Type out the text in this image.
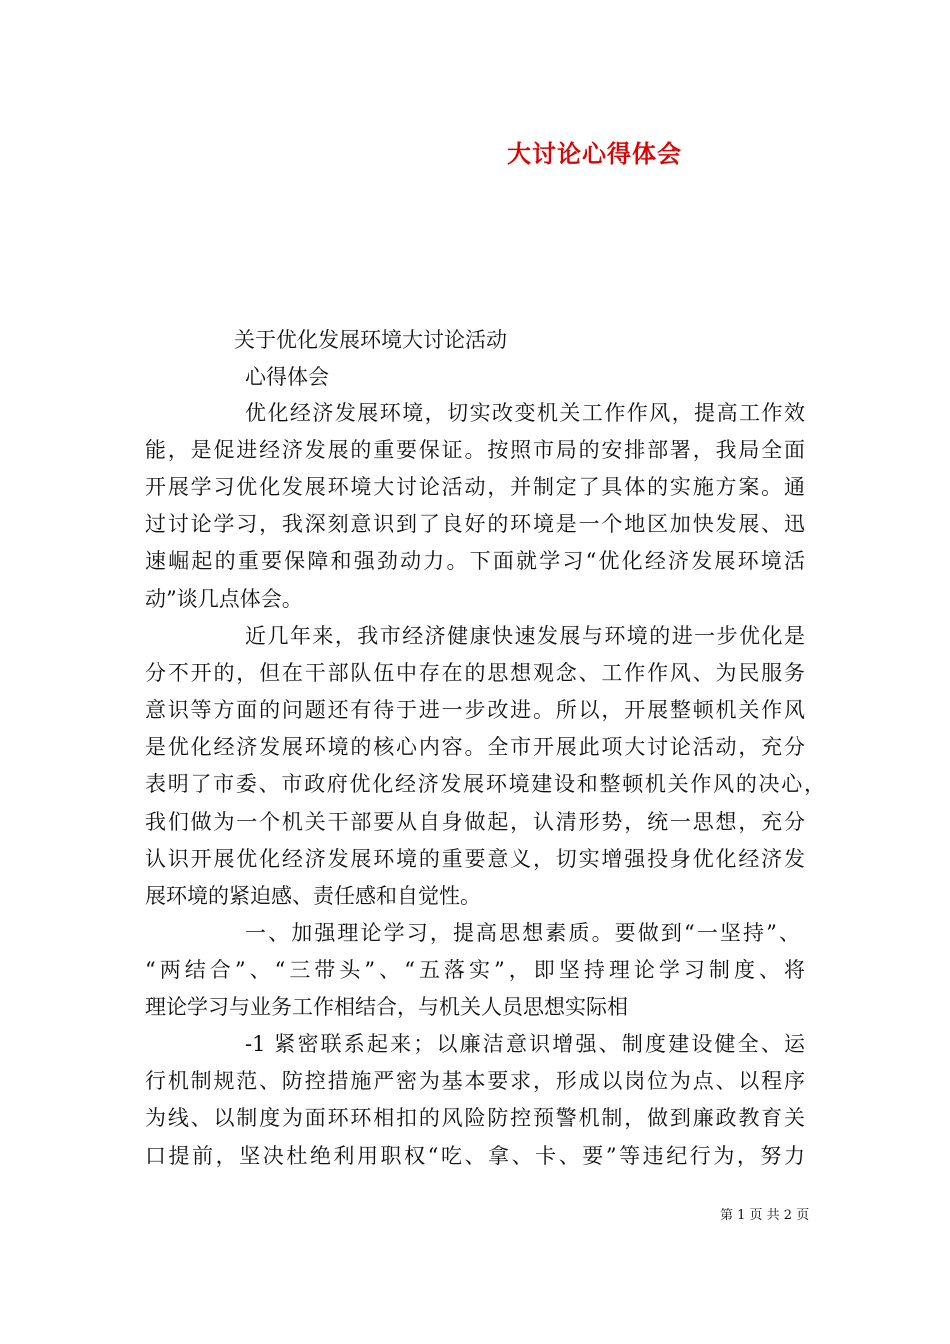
大讨论心得体会
关于优化发展环境大讨论活动
心得体会
优化经济发展环境，切实改变机关工作作风，提高工作效
能，是促进经济发展的重要保证。按照市局的安排部署，我局全面
开展学习优化发展环境大讨论活动，并制定了具体的实施方案。通
过讨论学习，我深刻意识到了良好的环境是一个地区加快发展、迅
速崛起的重要保障和强劲动力。下面就学习“优化经济发展环境活
动”谈几点体会。
近几年来，我市经济健康快速发展与环境的进一步优化是
分不开的，但在干部队伍中存在的思想观念、工作作风、为民服务
意识等方面的问题还有待于进一步改进。所以，开展整顿机关作风
是优化经济发展环境的核心内容。全市开展此项大讨论活动，充分
表明了市委、市政府优化经济发展环境建设和整顿机关作风的决心，
我们做为一个机关干部要从自身做起，认清形势，统一思想，充分
认识开展优化经济发展环境的重要意义，切实增强投身优化经济发
展环境的紧迫感、责任感和自觉性。
一、加强理论学习，提高思想素质。要做到“一坚持”、
“两结合”、“三带头”、“五落实”，即坚持理论学习制度、将
理论学习与业务工作相结合，与机关人员思想实际相
-1 紧密联系起来；以廉洁意识增强、制度建设健全、运
行机制规范、防控措施严密为基本要求，形成以岗位为点、以程序
为线、以制度为面环环相扣的风险防控预警机制，做到廉政教育关
口提前，坚决杜绝利用职权“吃、拿、卡、要”等违纪行为，努力
第 1 页 共 2 页
